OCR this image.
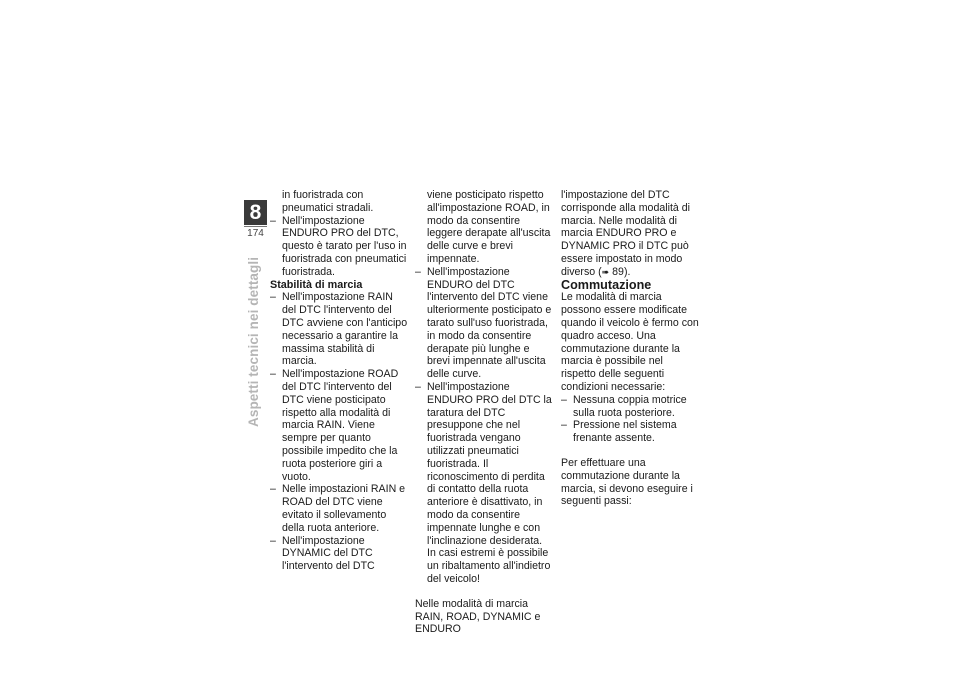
8
174
Aspetti tecnici nei dettagli

in fuoristrada con pneumatici stradali.

– Nell'impostazione ENDURO PRO del DTC, questo è tarato per l'uso in fuoristrada con pneumatici fuoristrada.

Stabilità di marcia

– Nell'impostazione RAIN del DTC l'intervento del DTC avviene con l'anticipo necessario a garantire la massima stabilità di marcia.
– Nell'impostazione ROAD del DTC l'intervento del DTC viene posticipato rispetto alla modalità di marcia RAIN. Viene sempre per quanto possibile impedito che la ruota posteriore giri a vuoto.
– Nelle impostazioni RAIN e ROAD del DTC viene evitato il sollevamento della ruota anteriore.
– Nell'impostazione DYNAMIC del DTC l'intervento del DTC

viene posticipato rispetto all'impostazione ROAD, in modo da consentire leggere derapate all'uscita delle curve e brevi impennate.

– Nell'impostazione ENDURO del DTC l'intervento del DTC viene ulteriormente posticipato e tarato sull'uso fuoristrada, in modo da consentire derapate più lunghe e brevi impennate all'uscita delle curve.
– Nell'impostazione ENDURO PRO del DTC la taratura del DTC presuppone che nel fuoristrada vengano utilizzati pneumatici fuoristrada. Il riconoscimento di perdita di contatto della ruota anteriore è disattivato, in modo da consentire impennate lunghe e con l'inclinazione desiderata. In casi estremi è possibile un ribaltamento all'indietro del veicolo!

Nelle modalità di marcia RAIN, ROAD, DYNAMIC e ENDURO

l'impostazione del DTC corrisponde alla modalità di marcia. Nelle modalità di marcia ENDURO PRO e DYNAMIC PRO il DTC può essere impostato in modo diverso (➠ 89).

Commutazione

Le modalità di marcia possono essere modificate quando il veicolo è fermo con quadro acceso. Una commutazione durante la marcia è possibile nel rispetto delle seguenti condizioni necessarie:

– Nessuna coppia motrice sulla ruota posteriore.
– Pressione nel sistema frenante assente.

Per effettuare una commutazione durante la marcia, si devono eseguire i seguenti passi:
